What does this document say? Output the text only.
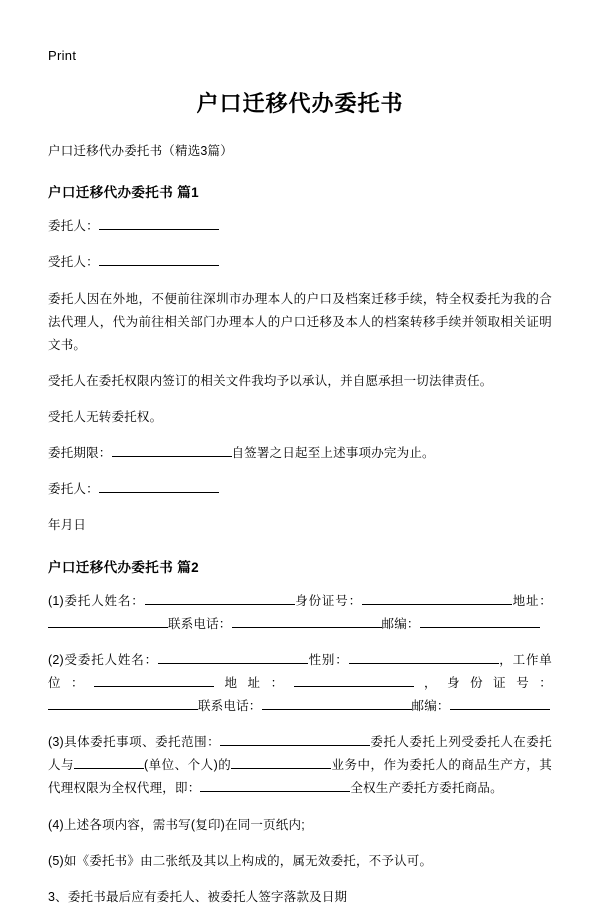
Print
户口迁移代办委托书

户口迁移代办委托书（精选3篇）

户口迁移代办委托书 篇1

委托人：

受托人：

委托人因在外地，不便前往深圳市办理本人的户口及档案迁移手续，特全权委托为我的合法代理人，代为前往相关部门办理本人的户口迁移及本人的档案转移手续并领取相关证明文书。

受托人在委托权限内签订的相关文件我均予以承认，并自愿承担一切法律责任。

受托人无转委托权。

委托期限：	自签署之日起至上述事项办完为止。

委托人：

年月日

户口迁移代办委托书 篇2

(1)委托人姓名：	身份证号：	地址：联系电话：	邮编：

(2)受委托人姓名：	性别：	，工作单位：	地址：	，身份证号：联系电话：	邮编：

(3)具体委托事项、委托范围：	委托人委托上列受委托人在委托人与	(单位、个人)的	业务中，作为委托人的商品生产方，其代理权限为全权代理，即：	全权生产委托方委托商品。

(4)上述各项内容，需书写(复印)在同一页纸内;

(5)如《委托书》由二张纸及其以上构成的，属无效委托，不予认可。

3、委托书最后应有委托人、被委托人签字落款及日期
